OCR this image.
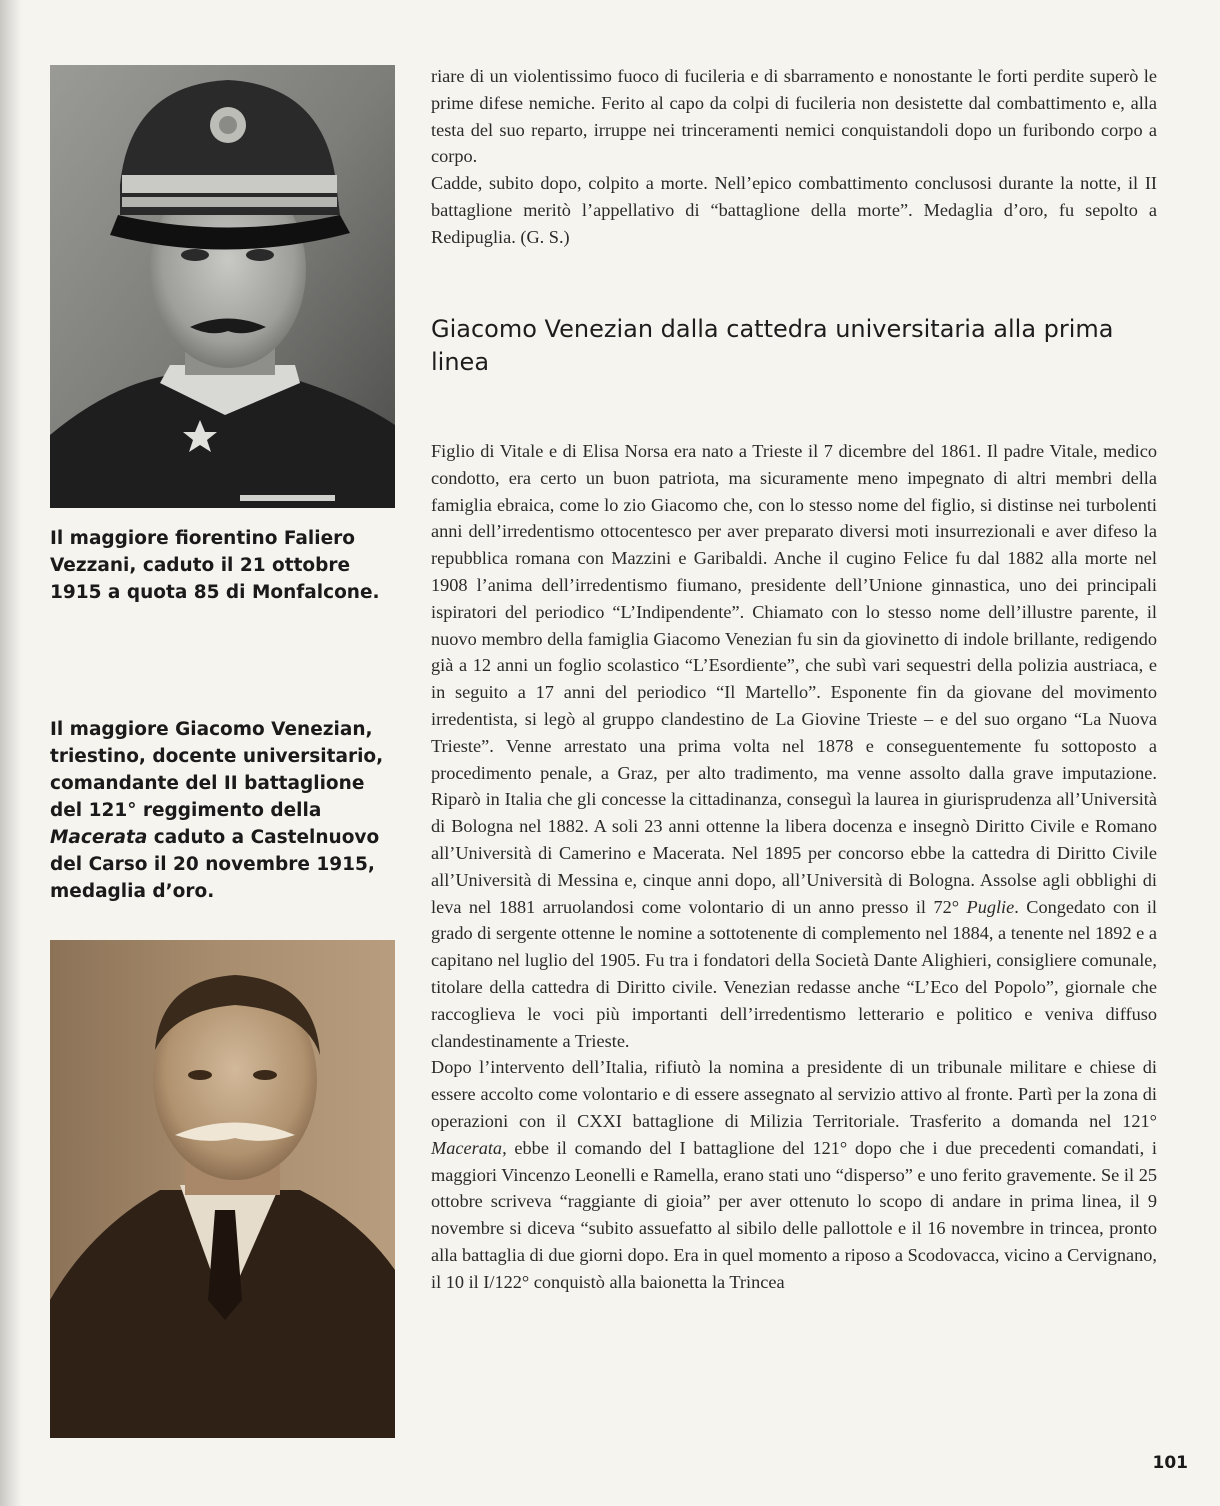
Il maggiore fiorentino Faliero Vezzani, caduto il 21 ottobre 1915 a quota 85 di Monfalcone.
Il maggiore Giacomo Venezian, triestino, docente universitario, comandante del II battaglione del 121° reggimento della Macerata caduto a Castelnuovo del Carso il 20 novembre 1915, medaglia d’oro.

riare di un violentissimo fuoco di fucileria e di sbarramento e nonostante le forti perdite superò le prime difese nemiche. Ferito al capo da colpi di fucileria non desistette dal combattimento e, alla testa del suo reparto, irruppe nei trinceramenti nemici conquistandoli dopo un furibondo corpo a corpo.

Cadde, subito dopo, colpito a morte. Nell’epico combattimento conclusosi durante la notte, il II battaglione meritò l’appellativo di “battaglione della morte”. Medaglia d’oro, fu sepolto a Redipuglia. (G. S.)

Giacomo Venezian dalla cattedra universitaria alla prima linea

Figlio di Vitale e di Elisa Norsa era nato a Trieste il 7 dicembre del 1861. Il padre Vitale, medico condotto, era certo un buon patriota, ma sicuramente meno impegnato di altri membri della famiglia ebraica, come lo zio Giacomo che, con lo stesso nome del figlio, si distinse nei turbolenti anni dell’irredentismo ottocentesco per aver preparato diversi moti insurrezionali e aver difeso la repubblica romana con Mazzini e Garibaldi. Anche il cugino Felice fu dal 1882 alla morte nel 1908 l’anima dell’irredentismo fiumano, presidente dell’Unione ginnastica, uno dei principali ispiratori del periodico “L’Indipendente”. Chiamato con lo stesso nome dell’illustre parente, il nuovo membro della famiglia Giacomo Venezian fu sin da giovinetto di indole brillante, redigendo già a 12 anni un foglio scolastico “L’Esordiente”, che subì vari sequestri della polizia austriaca, e in seguito a 17 anni del periodico “Il Martello”. Esponente fin da giovane del movimento irredentista, si legò al gruppo clandestino de La Giovine Trieste – e del suo organo “La Nuova Trieste”. Venne arrestato una prima volta nel 1878 e conseguentemente fu sottoposto a procedimento penale, a Graz, per alto tradimento, ma venne assolto dalla grave imputazione. Riparò in Italia che gli concesse la cittadinanza, conseguì la laurea in giurisprudenza all’Università di Bologna nel 1882. A soli 23 anni ottenne la libera docenza e insegnò Diritto Civile e Romano all’Università di Camerino e Macerata. Nel 1895 per concorso ebbe la cattedra di Diritto Civile all’Università di Messina e, cinque anni dopo, all’Università di Bologna. Assolse agli obblighi di leva nel 1881 arruolandosi come volontario di un anno presso il 72° Puglie. Congedato con il grado di sergente ottenne le nomine a sottotenente di complemento nel 1884, a tenente nel 1892 e a capitano nel luglio del 1905. Fu tra i fondatori della Società Dante Alighieri, consigliere comunale, titolare della cattedra di Diritto civile. Venezian redasse anche “L’Eco del Popolo”, giornale che raccoglieva le voci più importanti dell’irredentismo letterario e politico e veniva diffuso clandestinamente a Trieste.

Dopo l’intervento dell’Italia, rifiutò la nomina a presidente di un tribunale militare e chiese di essere accolto come volontario e di essere assegnato al servizio attivo al fronte. Partì per la zona di operazioni con il CXXI battaglione di Milizia Territoriale. Trasferito a domanda nel 121° Macerata, ebbe il comando del I battaglione del 121° dopo che i due precedenti comandati, i maggiori Vincenzo Leonelli e Ramella, erano stati uno “disperso” e uno ferito gravemente. Se il 25 ottobre scriveva “raggiante di gioia” per aver ottenuto lo scopo di andare in prima linea, il 9 novembre si diceva “subito assuefatto al sibilo delle pallottole e il 16 novembre in trincea, pronto alla battaglia di due giorni dopo. Era in quel momento a riposo a Scodovacca, vicino a Cervignano, il 10 il I/122° conquistò alla baionetta la Trincea

101
